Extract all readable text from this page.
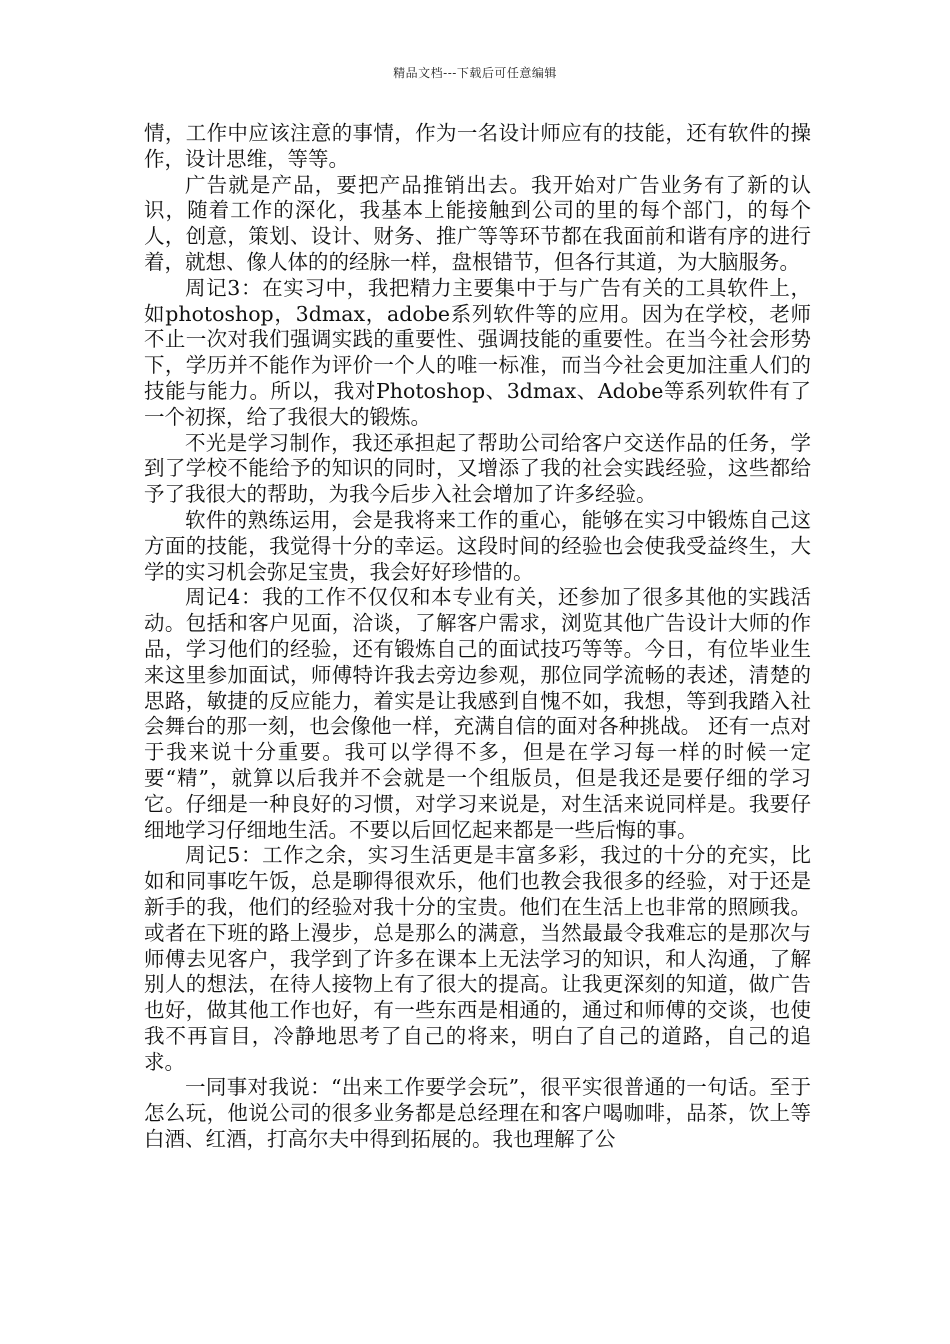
精品文档---下载后可任意编辑

情，工作中应该注意的事情，作为一名设计师应有的技能，还有软件的操作，设计思维，等等。

广告就是产品，要把产品推销出去。我开始对广告业务有了新的认识，随着工作的深化，我基本上能接触到公司的里的每个部门，的每个人，创意，策划、设计、财务、推广等等环节都在我面前和谐有序的进行着，就想、像人体的的经脉一样，盘根错节，但各行其道，为大脑服务。

周记3：在实习中，我把精力主要集中于与广告有关的工具软件上，如photoshop，3dmax，adobe系列软件等的应用。因为在学校，老师不止一次对我们强调实践的重要性、强调技能的重要性。在当今社会形势下，学历并不能作为评价一个人的唯一标准，而当今社会更加注重人们的技能与能力。所以，我对Photoshop、3dmax、Adobe等系列软件有了一个初探，给了我很大的锻炼。

不光是学习制作，我还承担起了帮助公司给客户交送作品的任务，学到了学校不能给予的知识的同时，又增添了我的社会实践经验，这些都给予了我很大的帮助，为我今后步入社会增加了许多经验。

软件的熟练运用，会是我将来工作的重心，能够在实习中锻炼自己这方面的技能，我觉得十分的幸运。这段时间的经验也会使我受益终生，大学的实习机会弥足宝贵，我会好好珍惜的。

周记4：我的工作不仅仅和本专业有关，还参加了很多其他的实践活动。包括和客户见面，洽谈，了解客户需求，浏览其他广告设计大师的作品，学习他们的经验，还有锻炼自己的面试技巧等等。今日，有位毕业生来这里参加面试，师傅特许我去旁边参观，那位同学流畅的表述，清楚的思路，敏捷的反应能力，着实是让我感到自愧不如，我想，等到我踏入社会舞台的那一刻，也会像他一样，充满自信的面对各种挑战。 还有一点对于我来说十分重要。我可以学得不多，但是在学习每一样的时候一定要“精”，就算以后我并不会就是一个组版员，但是我还是要仔细的学习它。仔细是一种良好的习惯，对学习来说是，对生活来说同样是。我要仔细地学习仔细地生活。不要以后回忆起来都是一些后悔的事。

周记5：工作之余，实习生活更是丰富多彩，我过的十分的充实，比如和同事吃午饭，总是聊得很欢乐，他们也教会我很多的经验，对于还是新手的我，他们的经验对我十分的宝贵。他们在生活上也非常的照顾我。或者在下班的路上漫步，总是那么的满意，当然最最令我难忘的是那次与师傅去见客户，我学到了许多在课本上无法学习的知识，和人沟通，了解别人的想法，在待人接物上有了很大的提高。让我更深刻的知道，做广告也好，做其他工作也好，有一些东西是相通的，通过和师傅的交谈，也使我不再盲目，冷静地思考了自己的将来，明白了自己的道路，自己的追求。

一同事对我说：“出来工作要学会玩”，很平实很普通的一句话。至于怎么玩，他说公司的很多业务都是总经理在和客户喝咖啡，品茶，饮上等白酒、红酒，打高尔夫中得到拓展的。我也理解了公
